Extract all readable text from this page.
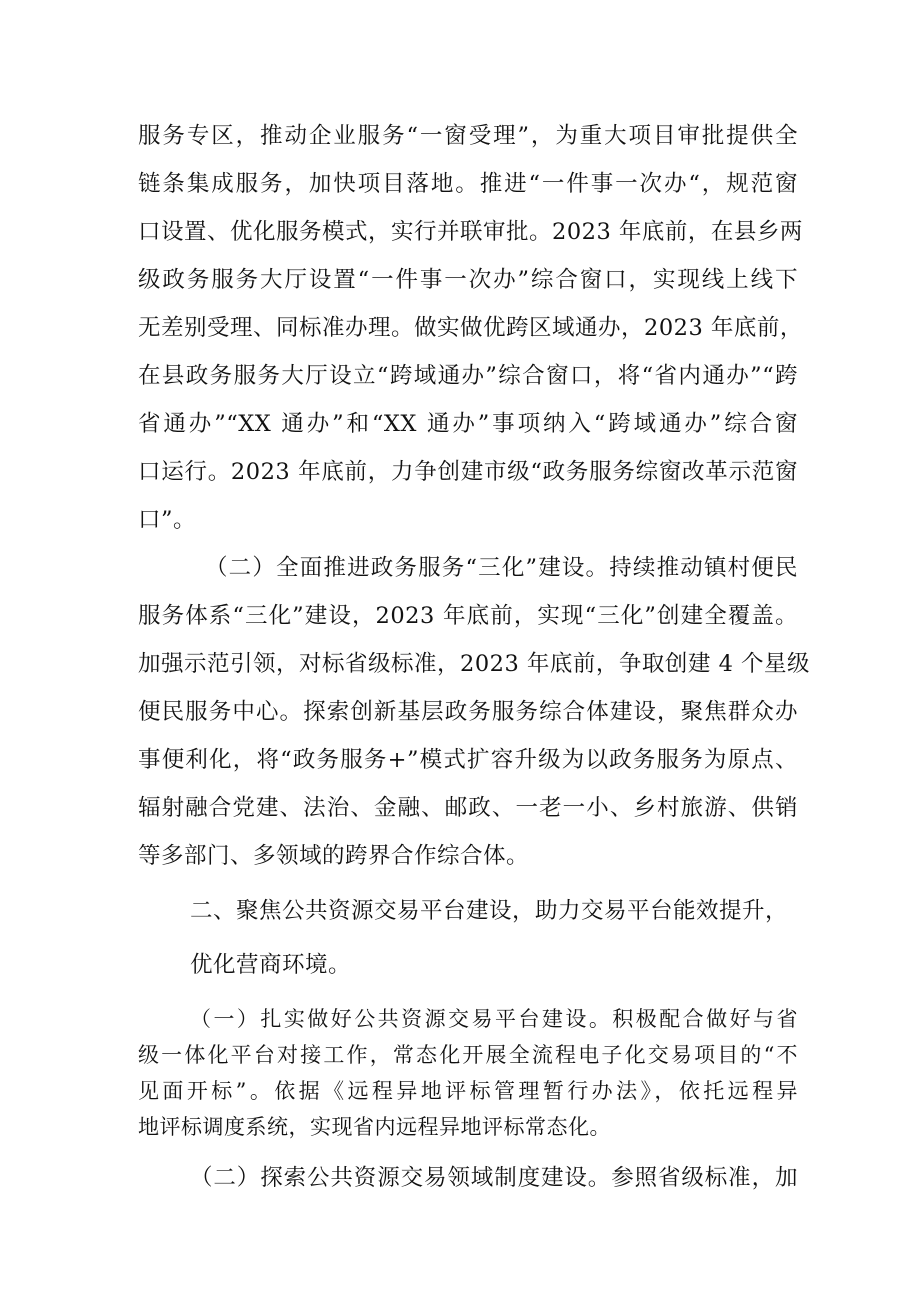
服务专区，推动企业服务“一窗受理”，为重大项目审批提供全
链条集成服务，加快项目落地。推进“一件事一次办“，规范窗
口设置、优化服务模式，实行并联审批。2023 年底前，在县乡两
级政务服务大厅设置“一件事一次办”综合窗口，实现线上线下
无差别受理、同标准办理。做实做优跨区域通办，2023 年底前，
在县政务服务大厅设立“跨域通办”综合窗口，将“省内通办”“跨
省通办”“XX 通办”和“XX 通办”事项纳入“跨域通办”综合窗
口运行。2023 年底前，力争创建市级“政务服务综窗改革示范窗
口”。
（二）全面推进政务服务“三化”建设。持续推动镇村便民
服务体系“三化”建设，2023 年底前，实现“三化”创建全覆盖。
加强示范引领，对标省级标准，2023 年底前，争取创建 4 个星级
便民服务中心。探索创新基层政务服务综合体建设，聚焦群众办
事便利化，将“政务服务+”模式扩容升级为以政务服务为原点、
辐射融合党建、法治、金融、邮政、一老一小、乡村旅游、供销
等多部门、多领域的跨界合作综合体。
二、聚焦公共资源交易平台建设，助力交易平台能效提升，
优化营商环境。
（一）扎实做好公共资源交易平台建设。积极配合做好与省
级一体化平台对接工作，常态化开展全流程电子化交易项目的“不
见面开标”。依据《远程异地评标管理暂行办法》，依托远程异
地评标调度系统，实现省内远程异地评标常态化。
（二）探索公共资源交易领域制度建设。参照省级标准，加
